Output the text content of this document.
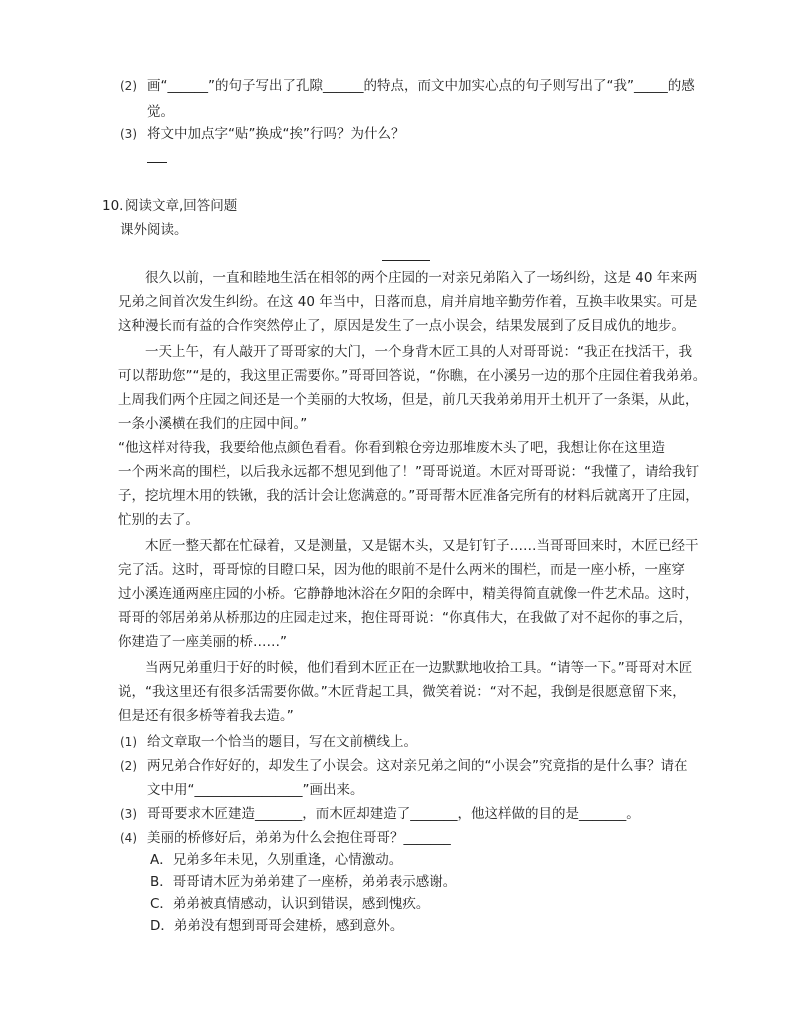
(2) 画“______”的句子写出了孔隙______的特点，而文中加实心点的句子则写出了“我”_____的感
觉。
(3) 将文中加点字“贴”换成“挨”行吗？为什么？
10. 阅读文章,回答问题
课外阅读。
很久以前，一直和睦地生活在相邻的两个庄园的一对亲兄弟陷入了一场纠纷，这是 40 年来两
兄弟之间首次发生纠纷。在这 40 年当中，日落而息，肩并肩地辛勤劳作着，互换丰收果实。可是
这种漫长而有益的合作突然停止了，原因是发生了一点小误会，结果发展到了反目成仇的地步。
一天上午，有人敲开了哥哥家的大门，一个身背木匠工具的人对哥哥说：“我正在找活干，我
可以帮助您”“是的，我这里正需要你。”哥哥回答说，“你瞧，在小溪另一边的那个庄园住着我弟弟。
上周我们两个庄园之间还是一个美丽的大牧场，但是，前几天我弟弟用开土机开了一条渠，从此，
一条小溪横在我们的庄园中间。”
“他这样对待我，我要给他点颜色看看。你看到粮仓旁边那堆废木头了吧，我想让你在这里造
一个两米高的围栏，以后我永远都不想见到他了！”哥哥说道。木匠对哥哥说：“我懂了，请给我钉
子，挖坑埋木用的铁锹，我的活计会让您满意的。”哥哥帮木匠准备完所有的材料后就离开了庄园，
忙别的去了。
木匠一整天都在忙碌着，又是测量，又是锯木头，又是钉钉子……当哥哥回来时，木匠已经干
完了活。这时，哥哥惊的目瞪口呆，因为他的眼前不是什么两米的围栏，而是一座小桥，一座穿
过小溪连通两座庄园的小桥。它静静地沐浴在夕阳的余晖中，精美得简直就像一件艺术品。这时，
哥哥的邻居弟弟从桥那边的庄园走过来，抱住哥哥说：“你真伟大，在我做了对不起你的事之后，
你建造了一座美丽的桥……”
当两兄弟重归于好的时候，他们看到木匠正在一边默默地收拾工具。“请等一下。”哥哥对木匠
说，“我这里还有很多活需要你做。”木匠背起工具，微笑着说：“对不起，我倒是很愿意留下来，
但是还有很多桥等着我去造。”
(1) 给文章取一个恰当的题目，写在文前横线上。
(2) 两兄弟合作好好的，却发生了小误会。这对亲兄弟之间的“小误会”究竟指的是什么事？请在
文中用“________________”画出来。
(3) 哥哥要求木匠建造_______，而木匠却建造了_______，他这样做的目的是_______。
(4) 美丽的桥修好后，弟弟为什么会抱住哥哥？_______
A．兄弟多年未见，久别重逢，心情激动。
B．哥哥请木匠为弟弟建了一座桥，弟弟表示感谢。
C．弟弟被真情感动，认识到错误，感到愧疚。
D．弟弟没有想到哥哥会建桥，感到意外。
